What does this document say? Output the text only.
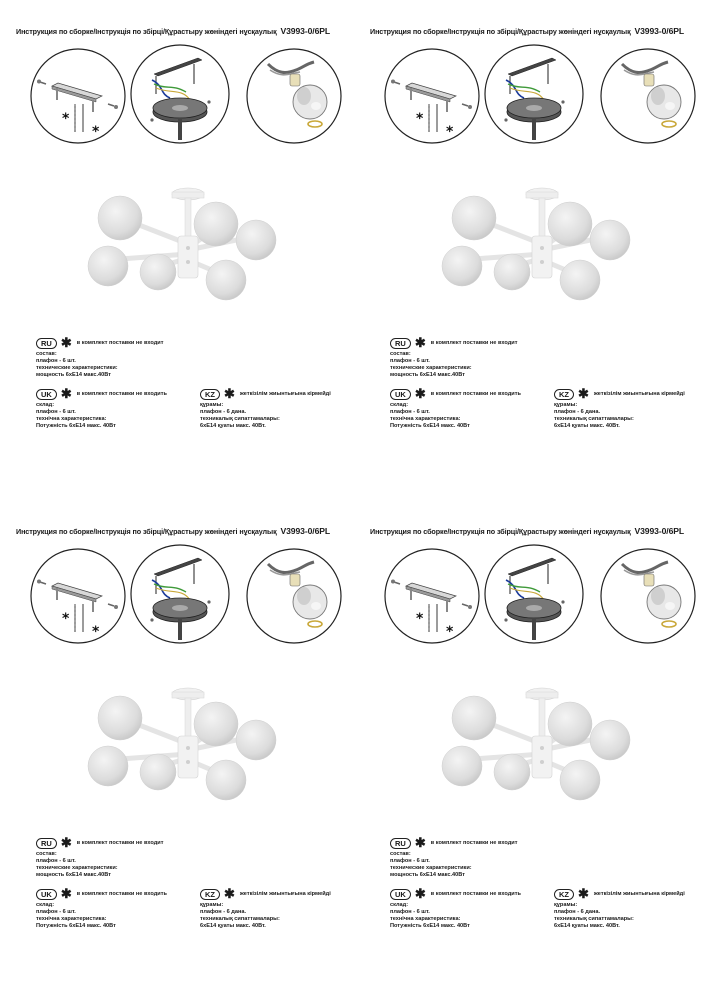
Инструкция по сборке/Інструкція по збірці/Құрастыру жөніндегі нұсқаулық V3993-0/6PL
*
*
RU ✱ в комплект поставки не входит
состав:
плафон - 6 шт.
технические характеристики:
мощность 6хЕ14 макс.40Вт
UK ✱ в комплект поставки не входить
склад:
плафон - 6 шт.
технічна характеристика:
Потужність 6хЕ14 макс. 40Вт
KZ ✱ жеткізілім жиынтығына кірмейді
құрамы:
плафон - 6 дана.
техникалық сипаттамалары:
6хЕ14 қуаты макс. 40Вт.
Инструкция по сборке/Інструкція по збірці/Құрастыру жөніндегі нұсқаулық V3993-0/6PL
*
*
RU ✱ в комплект поставки не входит
состав:
плафон - 6 шт.
технические характеристики:
мощность 6хЕ14 макс.40Вт
UK ✱ в комплект поставки не входить
склад:
плафон - 6 шт.
технічна характеристика:
Потужність 6хЕ14 макс. 40Вт
KZ ✱ жеткізілім жиынтығына кірмейді
құрамы:
плафон - 6 дана.
техникалық сипаттамалары:
6хЕ14 қуаты макс. 40Вт.
Инструкция по сборке/Інструкція по збірці/Құрастыру жөніндегі нұсқаулық V3993-0/6PL
*
*
RU ✱ в комплект поставки не входит
состав:
плафон - 6 шт.
технические характеристики:
мощность 6хЕ14 макс.40Вт
UK ✱ в комплект поставки не входить
склад:
плафон - 6 шт.
технічна характеристика:
Потужність 6хЕ14 макс. 40Вт
KZ ✱ жеткізілім жиынтығына кірмейді
құрамы:
плафон - 6 дана.
техникалық сипаттамалары:
6хЕ14 қуаты макс. 40Вт.
Инструкция по сборке/Інструкція по збірці/Құрастыру жөніндегі нұсқаулық V3993-0/6PL
*
*
RU ✱ в комплект поставки не входит
состав:
плафон - 6 шт.
технические характеристики:
мощность 6хЕ14 макс.40Вт
UK ✱ в комплект поставки не входить
склад:
плафон - 6 шт.
технічна характеристика:
Потужність 6хЕ14 макс. 40Вт
KZ ✱ жеткізілім жиынтығына кірмейді
құрамы:
плафон - 6 дана.
техникалық сипаттамалары:
6хЕ14 қуаты макс. 40Вт.
